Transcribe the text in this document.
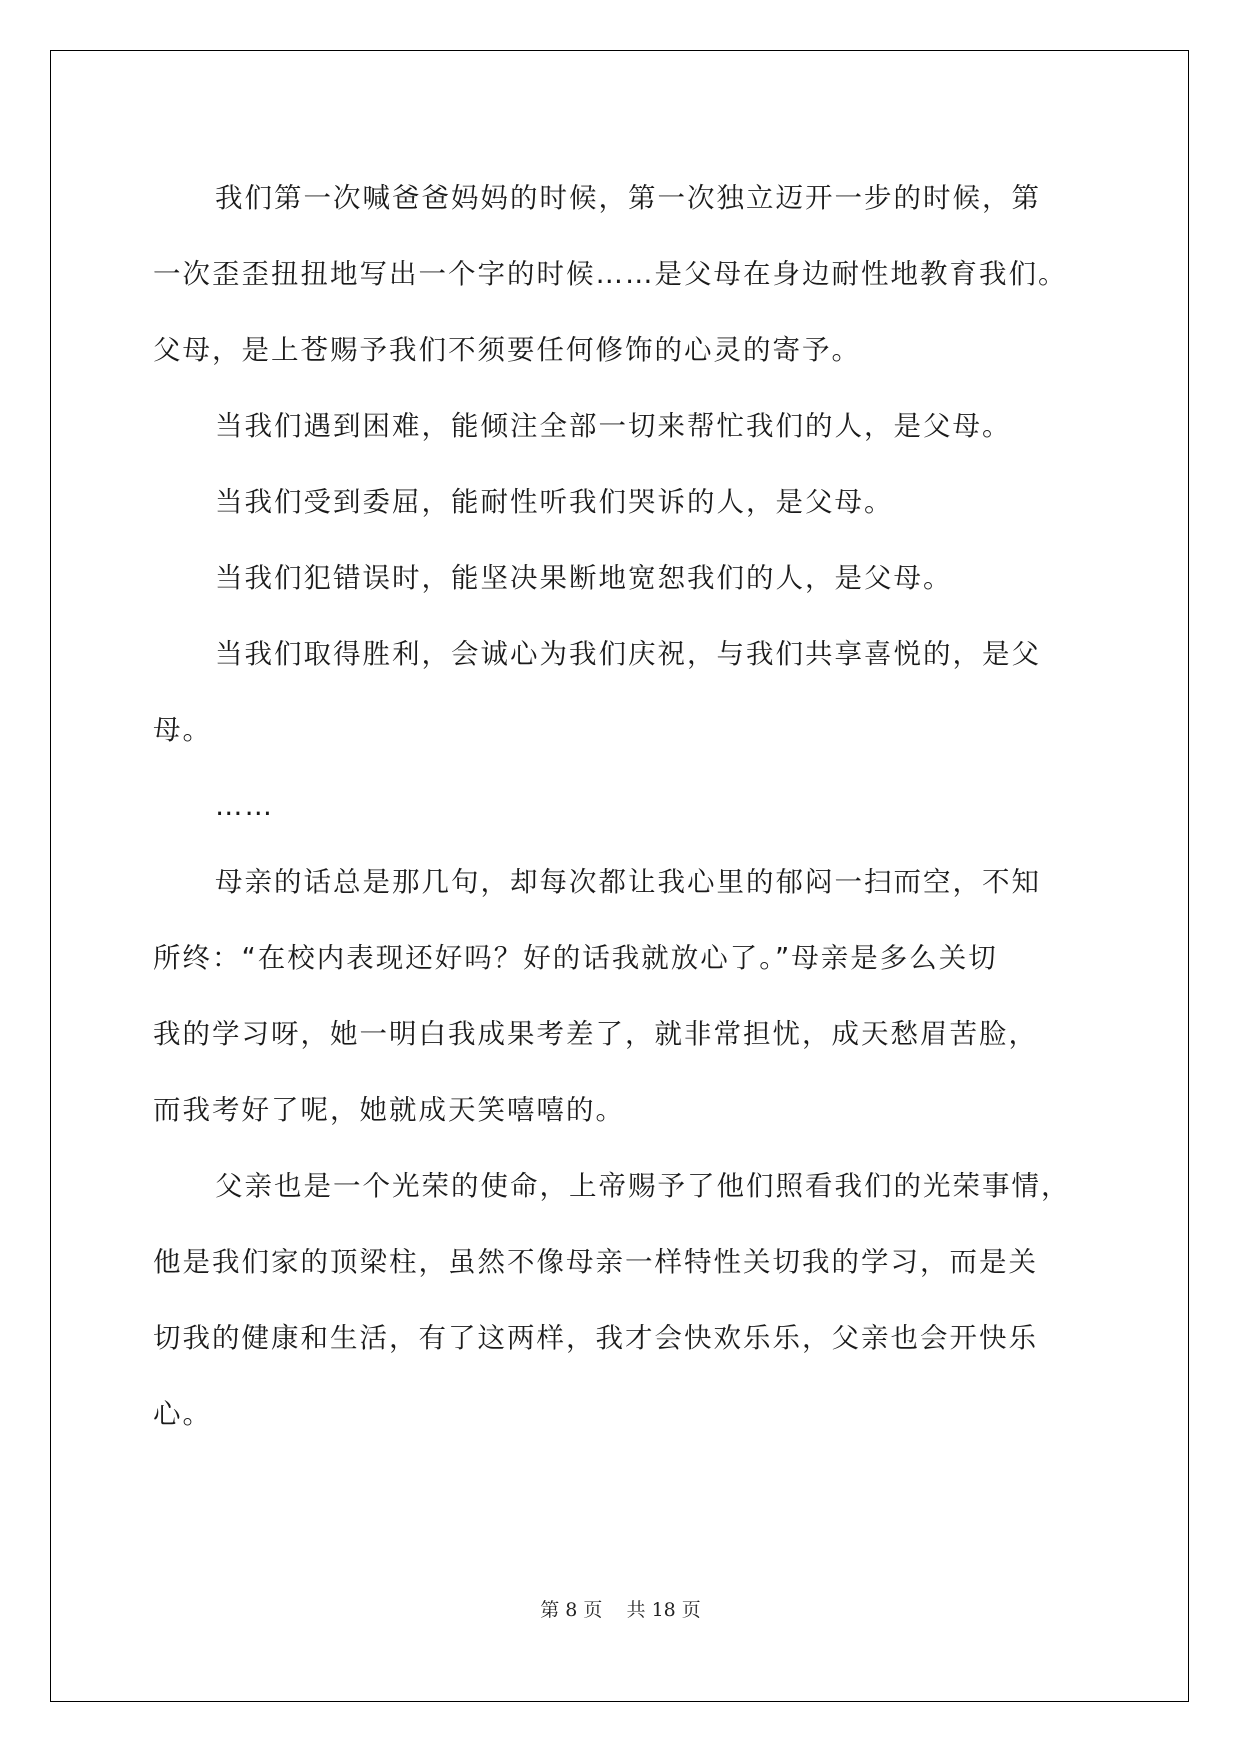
我们第一次喊爸爸妈妈的时候，第一次独立迈开一步的时候，第
一次歪歪扭扭地写出一个字的时候……是父母在身边耐性地教育我们。
父母，是上苍赐予我们不须要任何修饰的心灵的寄予。
当我们遇到困难，能倾注全部一切来帮忙我们的人，是父母。
当我们受到委屈，能耐性听我们哭诉的人，是父母。
当我们犯错误时，能坚决果断地宽恕我们的人，是父母。
当我们取得胜利，会诚心为我们庆祝，与我们共享喜悦的，是父
母。
……
母亲的话总是那几句，却每次都让我心里的郁闷一扫而空，不知
所终：“在校内表现还好吗？好的话我就放心了。”母亲是多么关切
我的学习呀，她一明白我成果考差了，就非常担忧，成天愁眉苦脸，
而我考好了呢，她就成天笑嘻嘻的。
父亲也是一个光荣的使命，上帝赐予了他们照看我们的光荣事情，
他是我们家的顶梁柱，虽然不像母亲一样特性关切我的学习，而是关
切我的健康和生活，有了这两样，我才会快欢乐乐，父亲也会开快乐
心。
第 8 页    共 18 页
